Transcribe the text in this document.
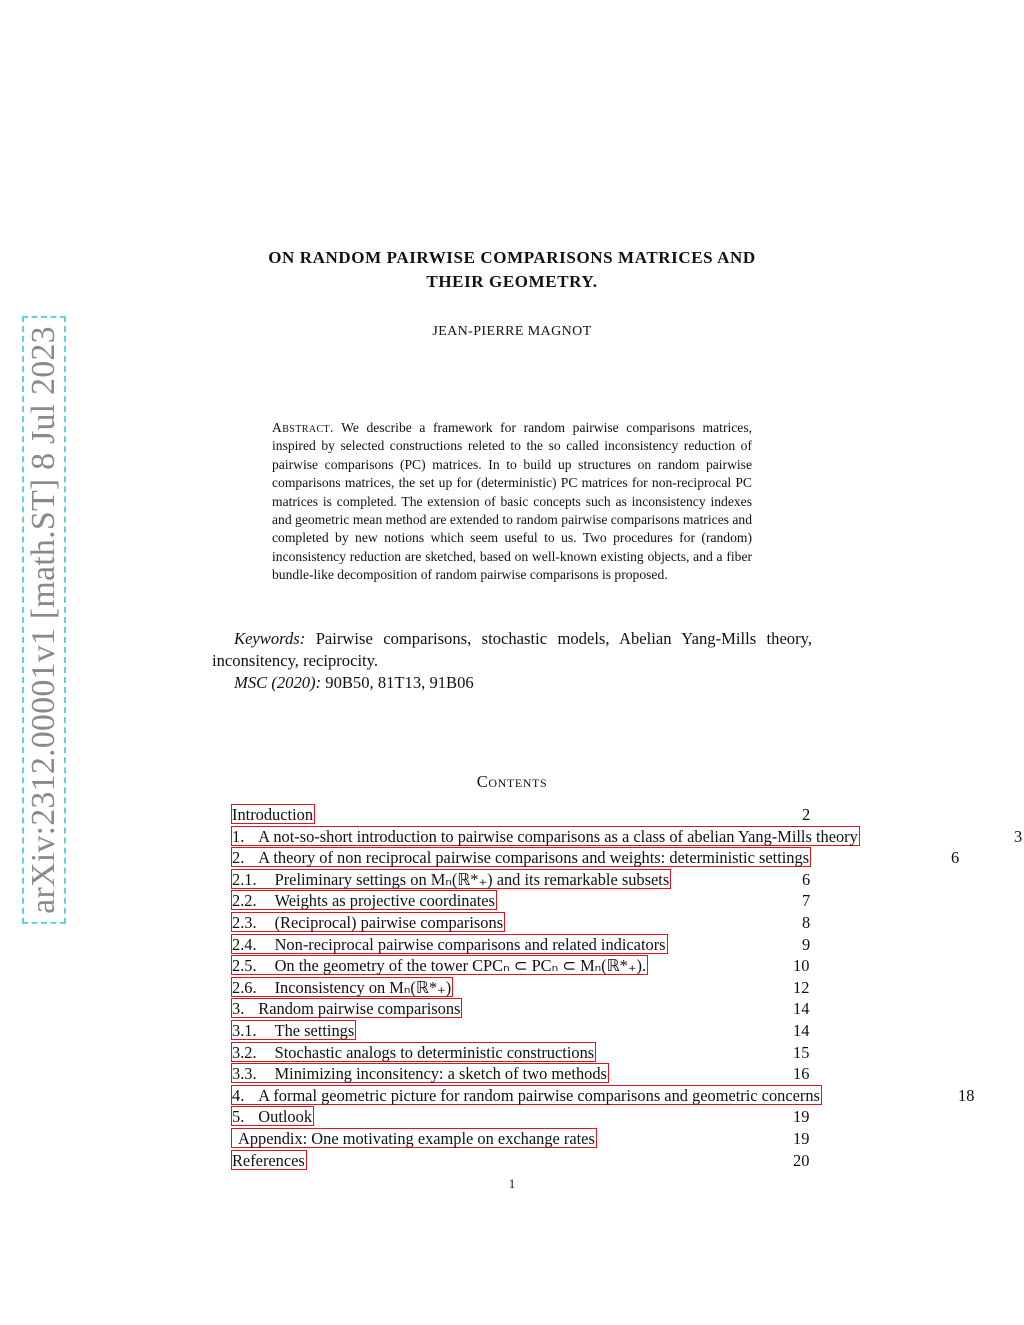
arXiv:2312.00001v1 [math.ST] 8 Jul 2023
ON RANDOM PAIRWISE COMPARISONS MATRICES AND
THEIR GEOMETRY.
JEAN-PIERRE MAGNOT
Abstract. We describe a framework for random pairwise comparisons matrices, inspired by selected constructions releted to the so called inconsistency reduction of pairwise comparisons (PC) matrices. In to build up structures on random pairwise comparisons matrices, the set up for (deterministic) PC matrices for non-reciprocal PC matrices is completed. The extension of basic concepts such as inconsistency indexes and geometric mean method are extended to random pairwise comparisons matrices and completed by new notions which seem useful to us. Two procedures for (random) inconsistency reduction are sketched, based on well-known existing objects, and a fiber bundle-like decomposition of random pairwise comparisons is proposed.
Keywords: Pairwise comparisons, stochastic models, Abelian Yang-Mills theory, inconsitency, reciprocity.
MSC (2020): 90B50, 81T13, 91B06
Contents
Introduction	2
1. A not-so-short introduction to pairwise comparisons as a class of abelian Yang-Mills theory	3
2. A theory of non reciprocal pairwise comparisons and weights: deterministic settings	6
2.1. Preliminary settings on Mₙ(ℝ*₊) and its remarkable subsets	6
2.2. Weights as projective coordinates	7
2.3. (Reciprocal) pairwise comparisons	8
2.4. Non-reciprocal pairwise comparisons and related indicators	9
2.5. On the geometry of the tower CPCₙ ⊂ PCₙ ⊂ Mₙ(ℝ*₊).	10
2.6. Inconsistency on Mₙ(ℝ*₊)	12
3. Random pairwise comparisons	14
3.1. The settings	14
3.2. Stochastic analogs to deterministic constructions	15
3.3. Minimizing inconsitency: a sketch of two methods	16
4. A formal geometric picture for random pairwise comparisons and geometric concerns	18
5. Outlook	19
Appendix: One motivating example on exchange rates	19
References	20
1
